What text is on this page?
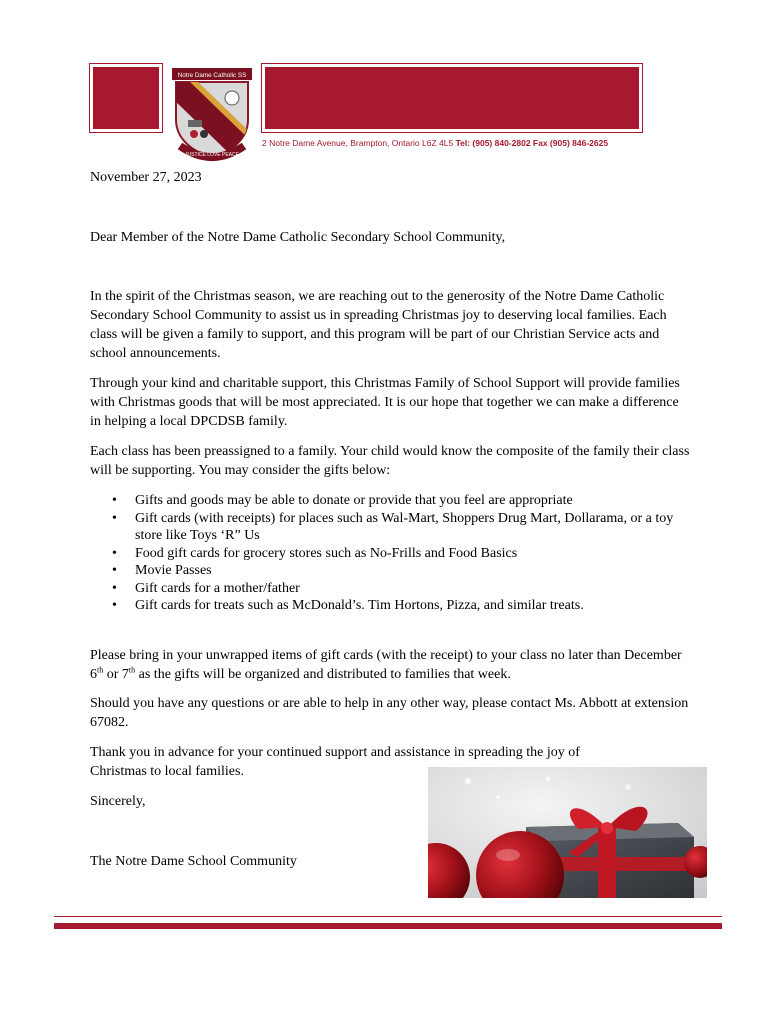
Notre Dame Catholic SS
JUSTICE LOVE PEACE
2 Notre Dame Avenue, Brampton, Ontario L6Z 4L5 Tel: (905) 840-2802 Fax (905) 846-2625

November 27, 2023

Dear Member of the Notre Dame Catholic Secondary School Community,

In the spirit of the Christmas season, we are reaching out to the generosity of the Notre Dame Catholic Secondary School Community to assist us in spreading Christmas joy to deserving local families. Each class will be given a family to support, and this program will be part of our Christian Service acts and school announcements.

Through your kind and charitable support, this Christmas Family of School Support will provide families with Christmas goods that will be most appreciated. It is our hope that together we can make a difference in helping a local DPCDSB family.

Each class has been preassigned to a family. Your child would know the composite of the family their class will be supporting. You may consider the gifts below:

• Gifts and goods may be able to donate or provide that you feel are appropriate
• Gift cards (with receipts) for places such as Wal-Mart, Shoppers Drug Mart, Dollarama, or a toy store like Toys ‘R” Us
• Food gift cards for grocery stores such as No-Frills and Food Basics
• Movie Passes
• Gift cards for a mother/father
• Gift cards for treats such as McDonald’s. Tim Hortons, Pizza, and similar treats.

Please bring in your unwrapped items of gift cards (with the receipt) to your class no later than December 6th or 7th as the gifts will be organized and distributed to families that week.

Should you have any questions or are able to help in any other way, please contact Ms. Abbott at extension 67082.

Thank you in advance for your continued support and assistance in spreading the joy of Christmas to local families.

Sincerely,

The Notre Dame School Community
